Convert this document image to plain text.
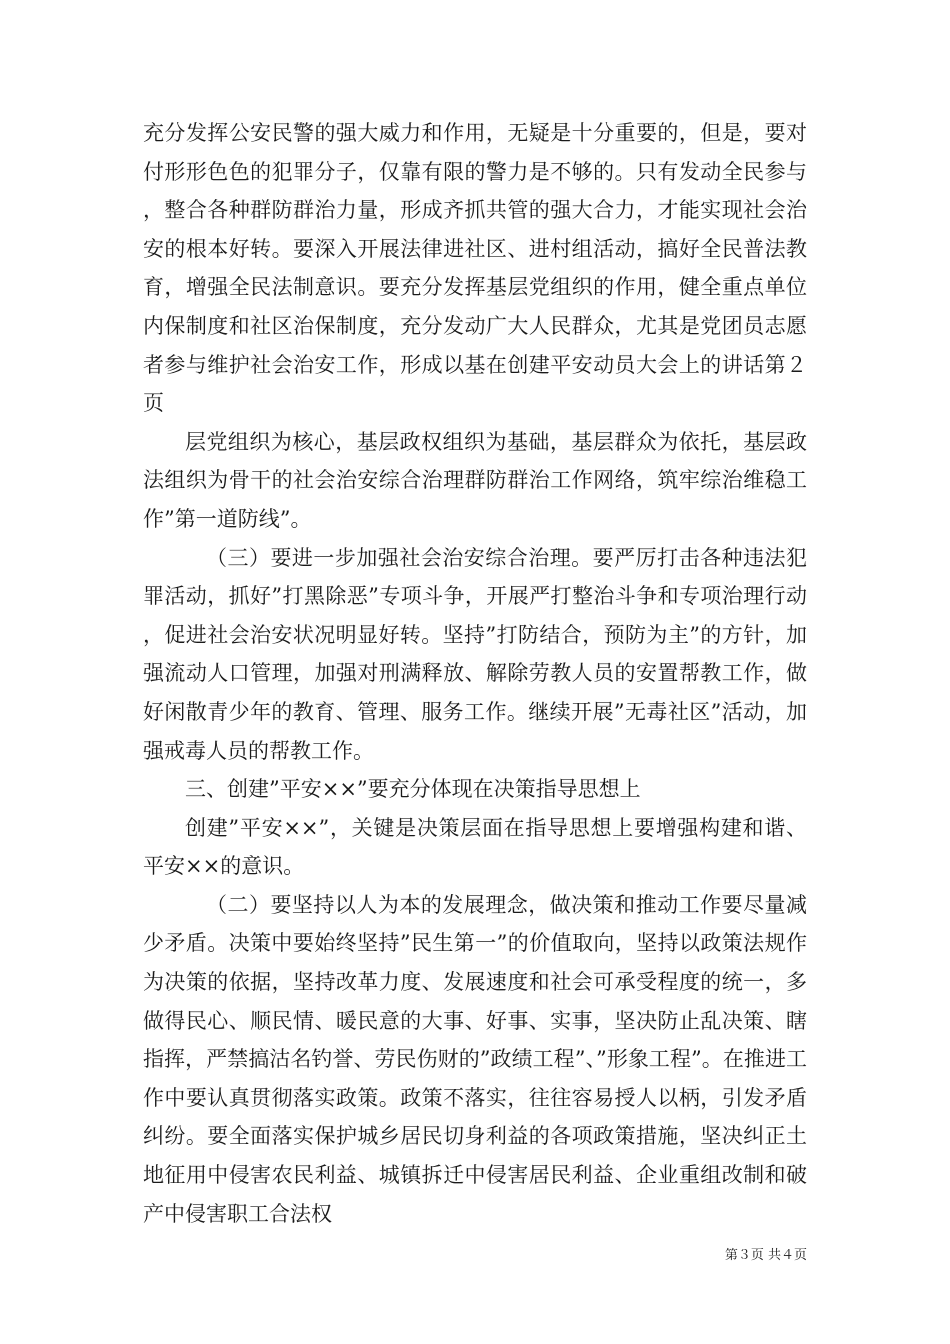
充分发挥公安民警的强大威力和作用，无疑是十分重要的，但是，要对付形形色色的犯罪分子，仅靠有限的警力是不够的。只有发动全民参与，整合各种群防群治力量，形成齐抓共管的强大合力，才能实现社会治安的根本好转。要深入开展法律进社区、进村组活动，搞好全民普法教育，增强全民法制意识。要充分发挥基层党组织的作用，健全重点单位内保制度和社区治保制度，充分发动广大人民群众，尤其是党团员志愿者参与维护社会治安工作，形成以基在创建平安动员大会上的讲话第２页

层党组织为核心，基层政权组织为基础，基层群众为依托，基层政法组织为骨干的社会治安综合治理群防群治工作网络，筑牢综治维稳工作”第一道防线”。

（三）要进一步加强社会治安综合治理。要严厉打击各种违法犯罪活动，抓好”打黑除恶”专项斗争，开展严打整治斗争和专项治理行动，促进社会治安状况明显好转。坚持”打防结合，预防为主”的方针，加强流动人口管理，加强对刑满释放、解除劳教人员的安置帮教工作，做好闲散青少年的教育、管理、服务工作。继续开展”无毒社区”活动，加强戒毒人员的帮教工作。

三、创建”平安××”要充分体现在决策指导思想上

创建”平安××”，关键是决策层面在指导思想上要增强构建和谐、平安××的意识。

（二）要坚持以人为本的发展理念，做决策和推动工作要尽量减少矛盾。决策中要始终坚持”民生第一”的价值取向，坚持以政策法规作为决策的依据，坚持改革力度、发展速度和社会可承受程度的统一，多做得民心、顺民情、暖民意的大事、好事、实事，坚决防止乱决策、瞎指挥，严禁搞沽名钓誉、劳民伤财的”政绩工程”、”形象工程”。在推进工作中要认真贯彻落实政策。政策不落实，往往容易授人以柄，引发矛盾纠纷。要全面落实保护城乡居民切身利益的各项政策措施，坚决纠正土地征用中侵害农民利益、城镇拆迁中侵害居民利益、企业重组改制和破产中侵害职工合法权

第３页 共４页
